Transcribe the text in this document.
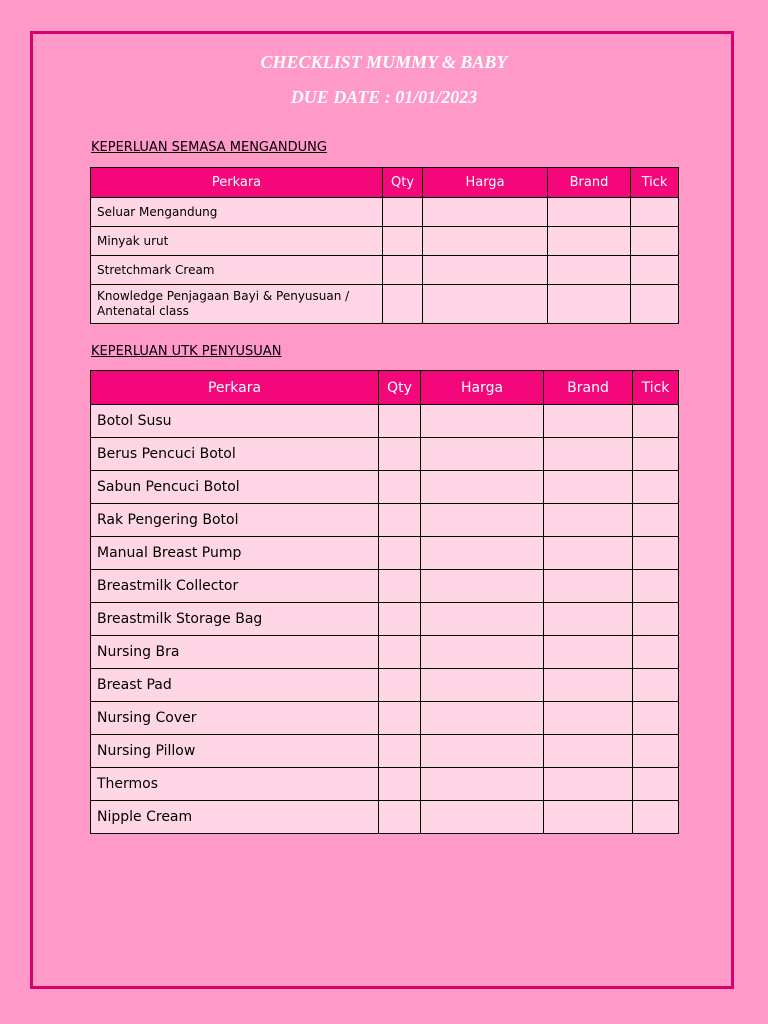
CHECKLIST MUMMY & BABY
DUE DATE : 01/01/2023
KEPERLUAN SEMASA MENGANDUNG
Perkara	Qty	Harga	Brand	Tick
Seluar Mengandung				
Minyak urut				
Stretchmark Cream				
Knowledge Penjagaan Bayi & Penyusuan / Antenatal class				
KEPERLUAN UTK PENYUSUAN
Perkara	Qty	Harga	Brand	Tick
Botol Susu				
Berus Pencuci Botol				
Sabun Pencuci Botol				
Rak Pengering Botol				
Manual Breast Pump				
Breastmilk Collector				
Breastmilk Storage Bag				
Nursing Bra				
Breast Pad				
Nursing Cover				
Nursing Pillow				
Thermos				
Nipple Cream				
